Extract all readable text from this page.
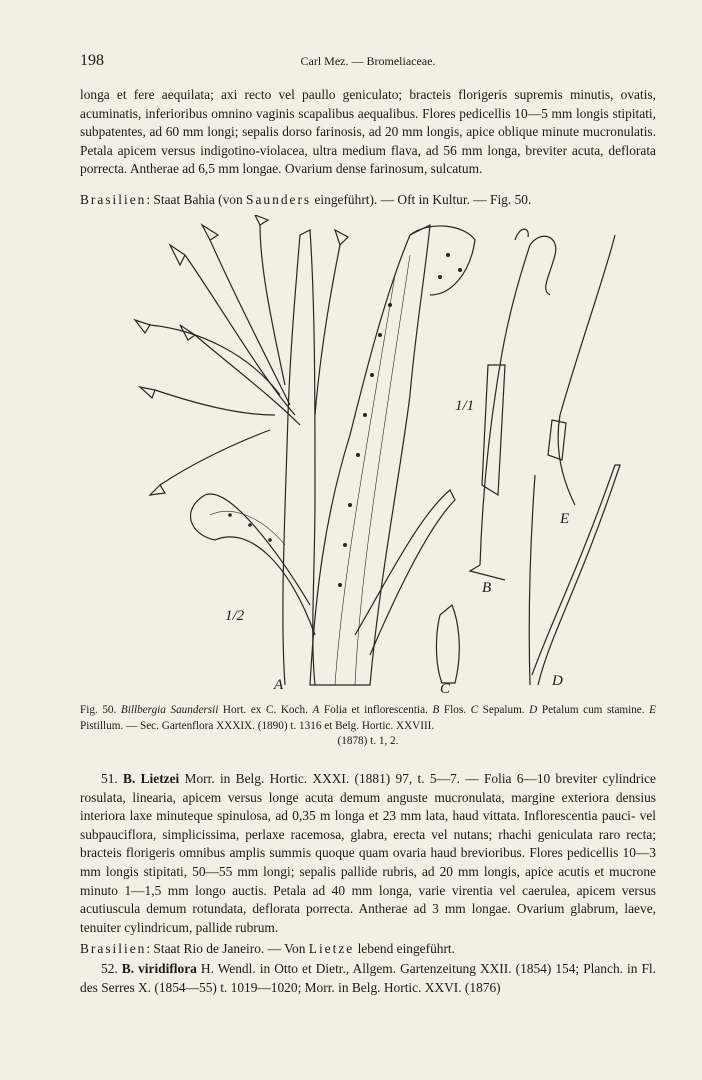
198	Carl Mez. — Bromeliaceae.

longa et fere aequilata; axi recto vel paullo geniculato; bracteis florigeris supremis minutis, ovatis, acuminatis, inferioribus omnino vaginis scapalibus aequalibus. Flores pedicellis 10—5 mm longis stipitati, subpatentes, ad 60 mm longi; sepalis dorso farinosis, ad 20 mm longis, apice oblique minute mucronulatis. Petala apicem versus indigotino-violacea, ultra medium flava, ad 56 mm longa, breviter acuta, deflorata porrecta. Antherae ad 6,5 mm longae. Ovarium dense farinosum, sulcatum.

Brasilien: Staat Bahia (von Saunders eingeführt). — Oft in Kultur. — Fig. 50.

1/2
1/1
A
B
C	D
E
Fig. 50. Billbergia Saundersii Hort. ex C. Koch. A Folia et inflorescentia. B Flos. C Sepalum. D Petalum cum stamine. E Pistillum. — Sec. Gartenflora XXXIX. (1890) t. 1316 et Belg. Hortic. XXVIII.
(1878) t. 1, 2.

51. B. Lietzei Morr. in Belg. Hortic. XXXI. (1881) 97, t. 5—7. — Folia 6—10 breviter cylindrice rosulata, linearia, apicem versus longe acuta demum anguste mucronulata, margine exteriora densius interiora laxe minuteque spinulosa, ad 0,35 m longa et 23 mm lata, haud vittata. Inflorescentia pauci- vel subpauciflora, simplicissima, perlaxe racemosa, glabra, erecta vel nutans; rhachi geniculata raro recta; bracteis florigeris omnibus amplis summis quoque quam ovaria haud brevioribus. Flores pedicellis 10—3 mm longis stipitati, 50—55 mm longi; sepalis pallide rubris, ad 20 mm longis, apice acutis et mucrone minuto 1—1,5 mm longo auctis. Petala ad 40 mm longa, varie virentia vel caerulea, apicem versus acutiuscula demum rotundata, deflorata porrecta. Antherae ad 3 mm longae. Ovarium glabrum, laeve, tenuiter cylindricum, pallide rubrum.

Brasilien: Staat Rio de Janeiro. — Von Lietze lebend eingeführt.

52. B. viridiflora H. Wendl. in Otto et Dietr., Allgem. Gartenzeitung XXII. (1854) 154; Planch. in Fl. des Serres X. (1854—55) t. 1019—1020; Morr. in Belg. Hortic. XXVI. (1876)
